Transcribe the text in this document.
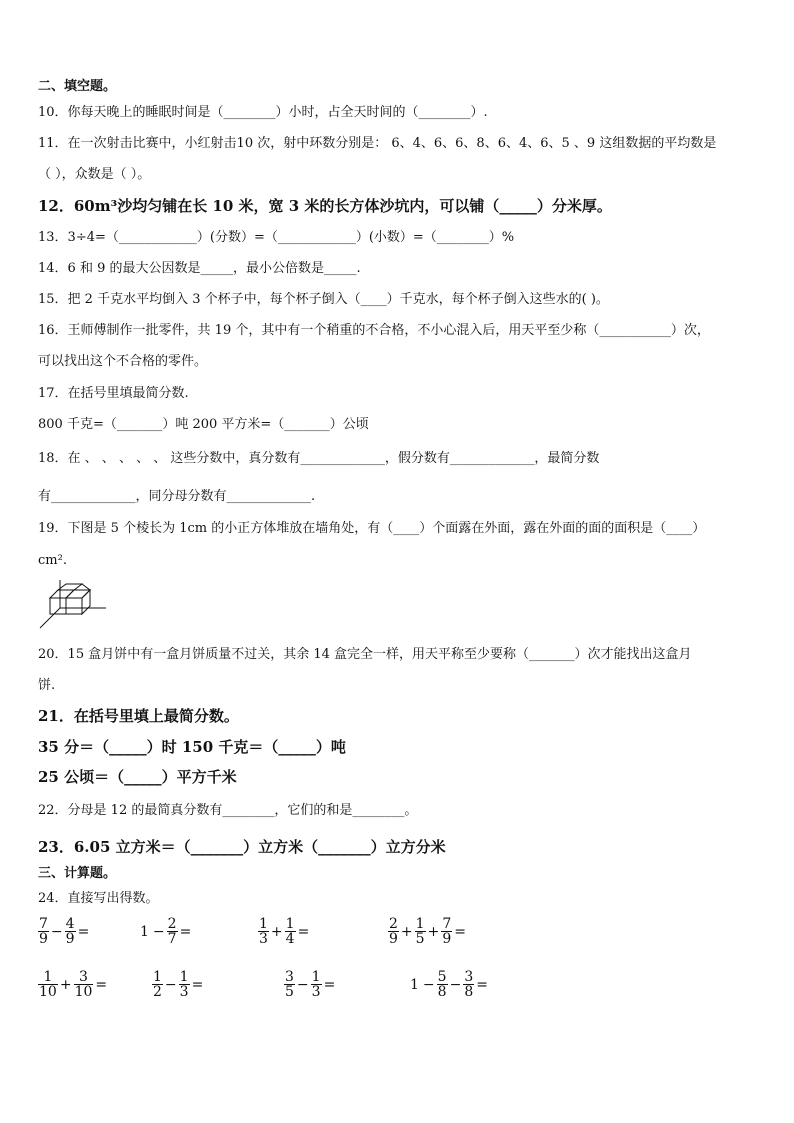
二、填空题。
10．你每天晚上的睡眠时间是（________）小时，占全天时间的（________）.
11．在一次射击比赛中，小红射击10 次，射中环数分别是： 6、4、6、6、8、6、4、6、5 、9 这组数据的平均数是
（ ），众数是（ ）。
12．60m³沙均匀铺在长 10 米，宽 3 米的长方体沙坑内，可以铺（_____）分米厚。
13．3÷4=（____________）(分数）=（____________）(小数）=（________）%
14．6 和 9 的最大公因数是_____，最小公倍数是_____.
15．把 2 千克水平均倒入 3 个杯子中，每个杯子倒入（____）千克水，每个杯子倒入这些水的( )。
16．王师傅制作一批零件，共 19 个，其中有一个稍重的不合格，不小心混入后，用天平至少称（___________）次，
可以找出这个不合格的零件。
17．在括号里填最简分数.
800 千克=（_______）吨 200 平方米=（_______）公顷
18．在 、 、 、 、 、 这些分数中，真分数有_____________，假分数有_____________，最简分数
有_____________，同分母分数有_____________.
19．下图是 5 个棱长为 1cm 的小正方体堆放在墙角处，有（____）个面露在外面，露在外面的面的面积是（____）
cm².
20．15 盒月饼中有一盒月饼质量不过关，其余 14 盒完全一样，用天平称至少要称（_______）次才能找出这盒月
饼.
21．在括号里填上最简分数。
35 分＝（_____）时 150 千克＝（_____）吨
25 公顷＝（_____）平方千米
22．分母是 12 的最简真分数有________，它们的和是________。
23．6.05 立方米＝（_______）立方米（_______）立方分米
三、计算题。
24．直接写出得数。
$\frac{7}{9} - \frac{4}{9}$ =	$1 - \frac{2}{7}$ =	$\frac{1}{3} + \frac{1}{4}$ =	$\frac{2}{9} + \frac{1}{5} + \frac{7}{9}$ =
$\frac{1}{10} + \frac{3}{10}$ =	$\frac{1}{2} - \frac{1}{3}$ =	$\frac{3}{5} - \frac{1}{3}$ =	$1 - \frac{5}{8} - \frac{3}{8}$ =
